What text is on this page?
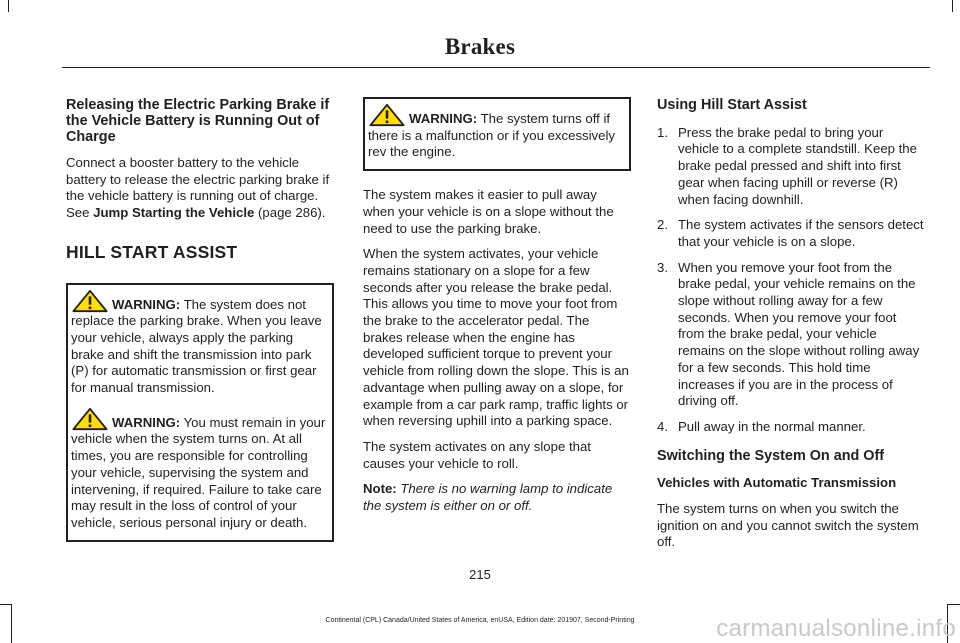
Brakes
Releasing the Electric Parking Brake if the Vehicle Battery is Running Out of Charge

Connect a booster battery to the vehicle battery to release the electric parking brake if the vehicle battery is running out of charge. See Jump Starting the Vehicle (page 286).

HILL START ASSIST
WARNING: The system does not replace the parking brake. When you leave your vehicle, always apply the parking brake and shift the transmission into park (P) for automatic transmission or first gear for manual transmission.
WARNING: You must remain in your vehicle when the system turns on. At all times, you are responsible for controlling your vehicle, supervising the system and intervening, if required. Failure to take care may result in the loss of control of your vehicle, serious personal injury or death.
WARNING: The system turns off if there is a malfunction or if you excessively rev the engine.

The system makes it easier to pull away when your vehicle is on a slope without the need to use the parking brake.

When the system activates, your vehicle remains stationary on a slope for a few seconds after you release the brake pedal. This allows you time to move your foot from the brake to the accelerator pedal. The brakes release when the engine has developed sufficient torque to prevent your vehicle from rolling down the slope. This is an advantage when pulling away on a slope, for example from a car park ramp, traffic lights or when reversing uphill into a parking space.

The system activates on any slope that causes your vehicle to roll.

Note: There is no warning lamp to indicate the system is either on or off.

Using Hill Start Assist
1. Press the brake pedal to bring your vehicle to a complete standstill. Keep the brake pedal pressed and shift into first gear when facing uphill or reverse (R) when facing downhill.
2. The system activates if the sensors detect that your vehicle is on a slope.
3. When you remove your foot from the brake pedal, your vehicle remains on the slope without rolling away for a few seconds. When you remove your foot from the brake pedal, your vehicle remains on the slope without rolling away for a few seconds. This hold time increases if you are in the process of driving off.
4. Pull away in the normal manner.
Switching the System On and Off
Vehicles with Automatic Transmission

The system turns on when you switch the ignition on and you cannot switch the system off.

215
Continental (CPL) Canada/United States of America, enUSA, Edition date: 201907, Second-Printing	carmanualsonline.info
